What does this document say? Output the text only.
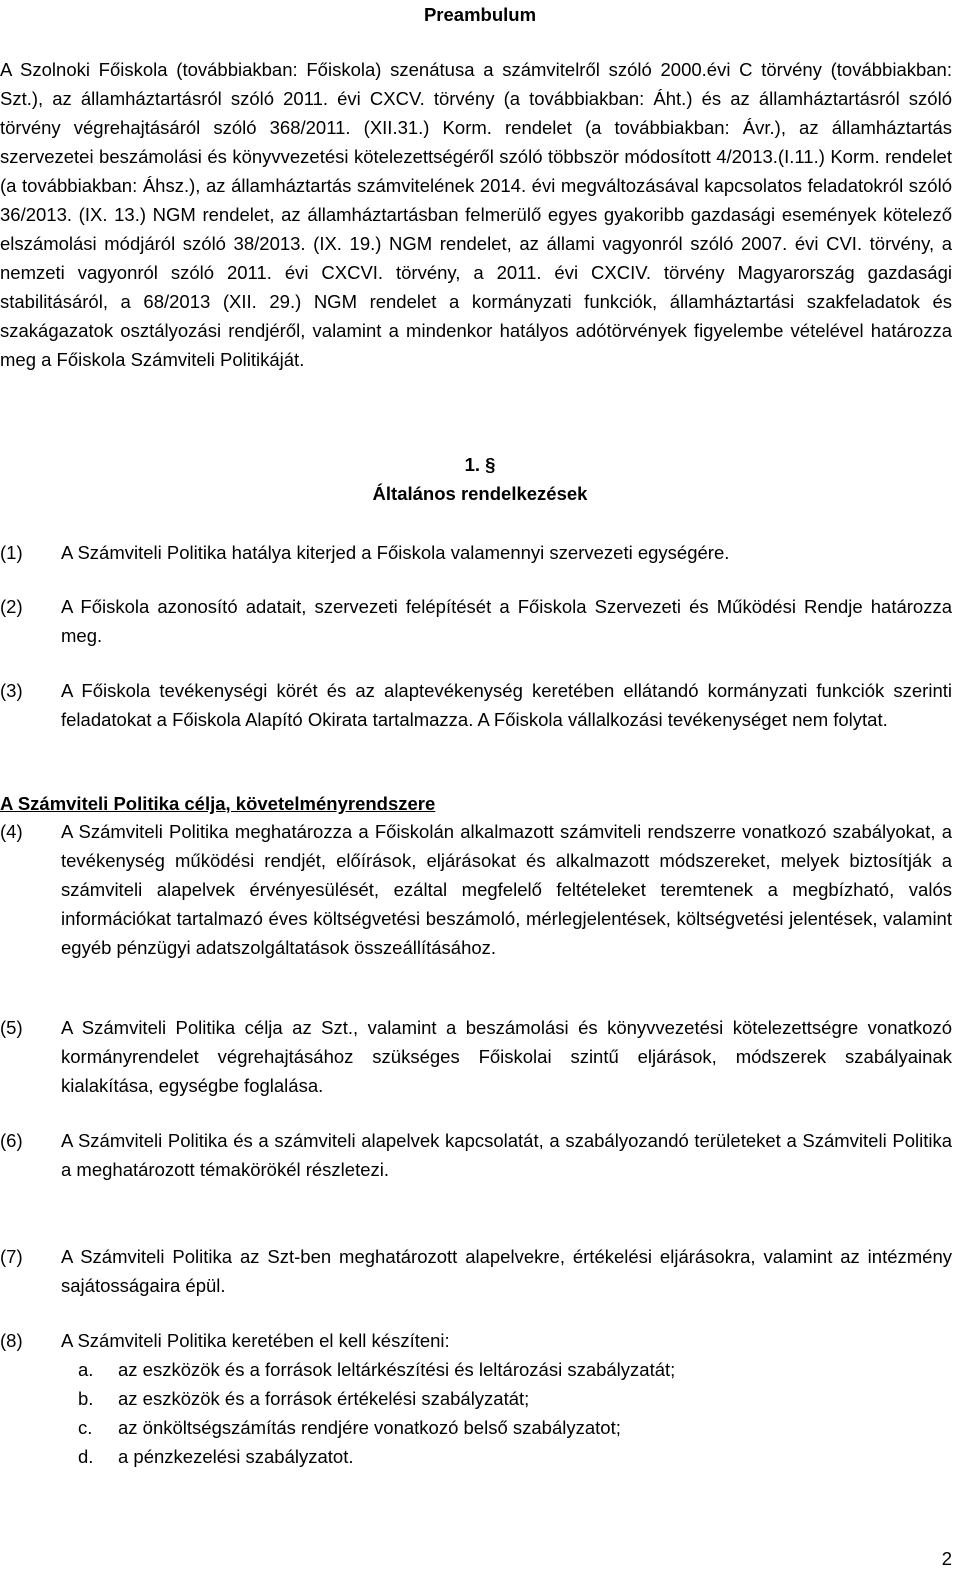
Preambulum

A Szolnoki Főiskola (továbbiakban: Főiskola) szenátusa a számvitelről szóló 2000.évi C törvény (továbbiakban: Szt.), az államháztartásról szóló 2011. évi CXCV. törvény (a továbbiakban: Áht.) és az államháztartásról szóló törvény végrehajtásáról szóló 368/2011. (XII.31.) Korm. rendelet (a továbbiakban: Ávr.), az államháztartás szervezetei beszámolási és könyvvezetési kötelezettségéről szóló többször módosított 4/2013.(I.11.) Korm. rendelet (a továbbiakban: Áhsz.), az államháztartás számvitelének 2014. évi megváltozásával kapcsolatos feladatokról szóló 36/2013. (IX. 13.) NGM rendelet, az államháztartásban felmerülő egyes gyakoribb gazdasági események kötelező elszámolási módjáról szóló 38/2013. (IX. 19.) NGM rendelet, az állami vagyonról szóló 2007. évi CVI. törvény, a nemzeti vagyonról szóló 2011. évi CXCVI. törvény, a 2011. évi CXCIV. törvény Magyarország gazdasági stabilitásáról, a 68/2013 (XII. 29.) NGM rendelet a kormányzati funkciók, államháztartási szakfeladatok és szakágazatok osztályozási rendjéről, valamint a mindenkor hatályos adótörvények figyelembe vételével határozza meg a Főiskola Számviteli Politikáját.

1. §
Általános rendelkezések
(1) A Számviteli Politika hatálya kiterjed a Főiskola valamennyi szervezeti egységére.
(2) A Főiskola azonosító adatait, szervezeti felépítését a Főiskola Szervezeti és Működési Rendje határozza meg.
(3) A Főiskola tevékenységi körét és az alaptevékenység keretében ellátandó kormányzati funkciók szerinti feladatokat a Főiskola Alapító Okirata tartalmazza. A Főiskola vállalkozási tevékenységet nem folytat.

A Számviteli Politika célja, követelményrendszere

(4) A Számviteli Politika meghatározza a Főiskolán alkalmazott számviteli rendszerre vonatkozó szabályokat, a tevékenység működési rendjét, előírások, eljárásokat és alkalmazott módszereket, melyek biztosítják a számviteli alapelvek érvényesülését, ezáltal megfelelő feltételeket teremtenek a megbízható, valós információkat tartalmazó éves költségvetési beszámoló, mérlegjelentések, költségvetési jelentések, valamint egyéb pénzügyi adatszolgáltatások összeállításához.
(5) A Számviteli Politika célja az Szt., valamint a beszámolási és könyvvezetési kötelezettségre vonatkozó kormányrendelet végrehajtásához szükséges Főiskolai szintű eljárások, módszerek szabályainak kialakítása, egységbe foglalása.
(6) A Számviteli Politika és a számviteli alapelvek kapcsolatát, a szabályozandó területeket a Számviteli Politika a meghatározott témakörökél részletezi.
(7) A Számviteli Politika az Szt-ben meghatározott alapelvekre, értékelési eljárásokra, valamint az intézmény sajátosságaira épül.
(8) A Számviteli Politika keretében el kell készíteni:
a. az eszközök és a források leltárkészítési és leltározási szabályzatát;
b. az eszközök és a források értékelési szabályzatát;
c. az önköltségszámítás rendjére vonatkozó belső szabályzatot;
d. a pénzkezelési szabályzatot.
2
